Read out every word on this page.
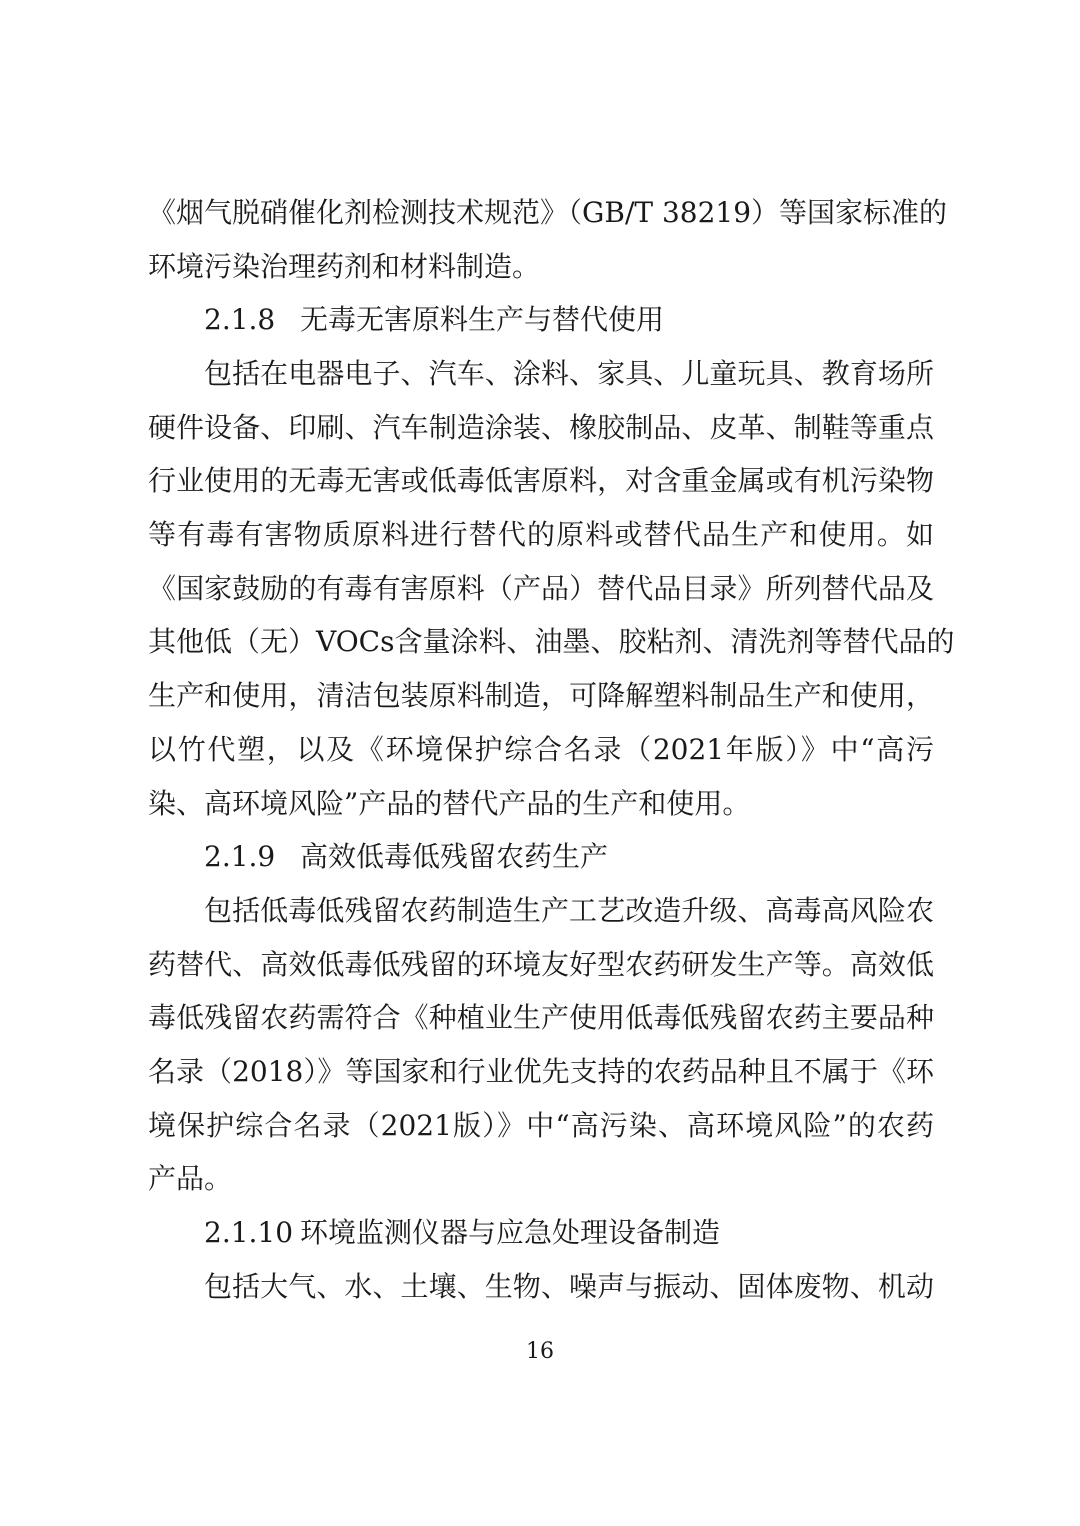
《烟气脱硝催化剂检测技术规范》（GB/T 38219）等国家标准的
环境污染治理药剂和材料制造。
2.1.8 无毒无害原料生产与替代使用
包括在电器电子、汽车、涂料、家具、儿童玩具、教育场所
硬件设备、印刷、汽车制造涂装、橡胶制品、皮革、制鞋等重点
行业使用的无毒无害或低毒低害原料，对含重金属或有机污染物
等有毒有害物质原料进行替代的原料或替代品生产和使用。如
《国家鼓励的有毒有害原料（产品）替代品目录》所列替代品及
其他低（无）VOCs含量涂料、油墨、胶粘剂、清洗剂等替代品的
生产和使用，清洁包装原料制造，可降解塑料制品生产和使用，
以竹代塑，以及《环境保护综合名录（2021年版）》中“高污
染、高环境风险”产品的替代产品的生产和使用。
2.1.9 高效低毒低残留农药生产
包括低毒低残留农药制造生产工艺改造升级、高毒高风险农
药替代、高效低毒低残留的环境友好型农药研发生产等。高效低
毒低残留农药需符合《种植业生产使用低毒低残留农药主要品种
名录（2018）》等国家和行业优先支持的农药品种且不属于《环
境保护综合名录（2021版）》中“高污染、高环境风险”的农药
产品。
2.1.10 环境监测仪器与应急处理设备制造
包括大气、水、土壤、生物、噪声与振动、固体废物、机动
16
